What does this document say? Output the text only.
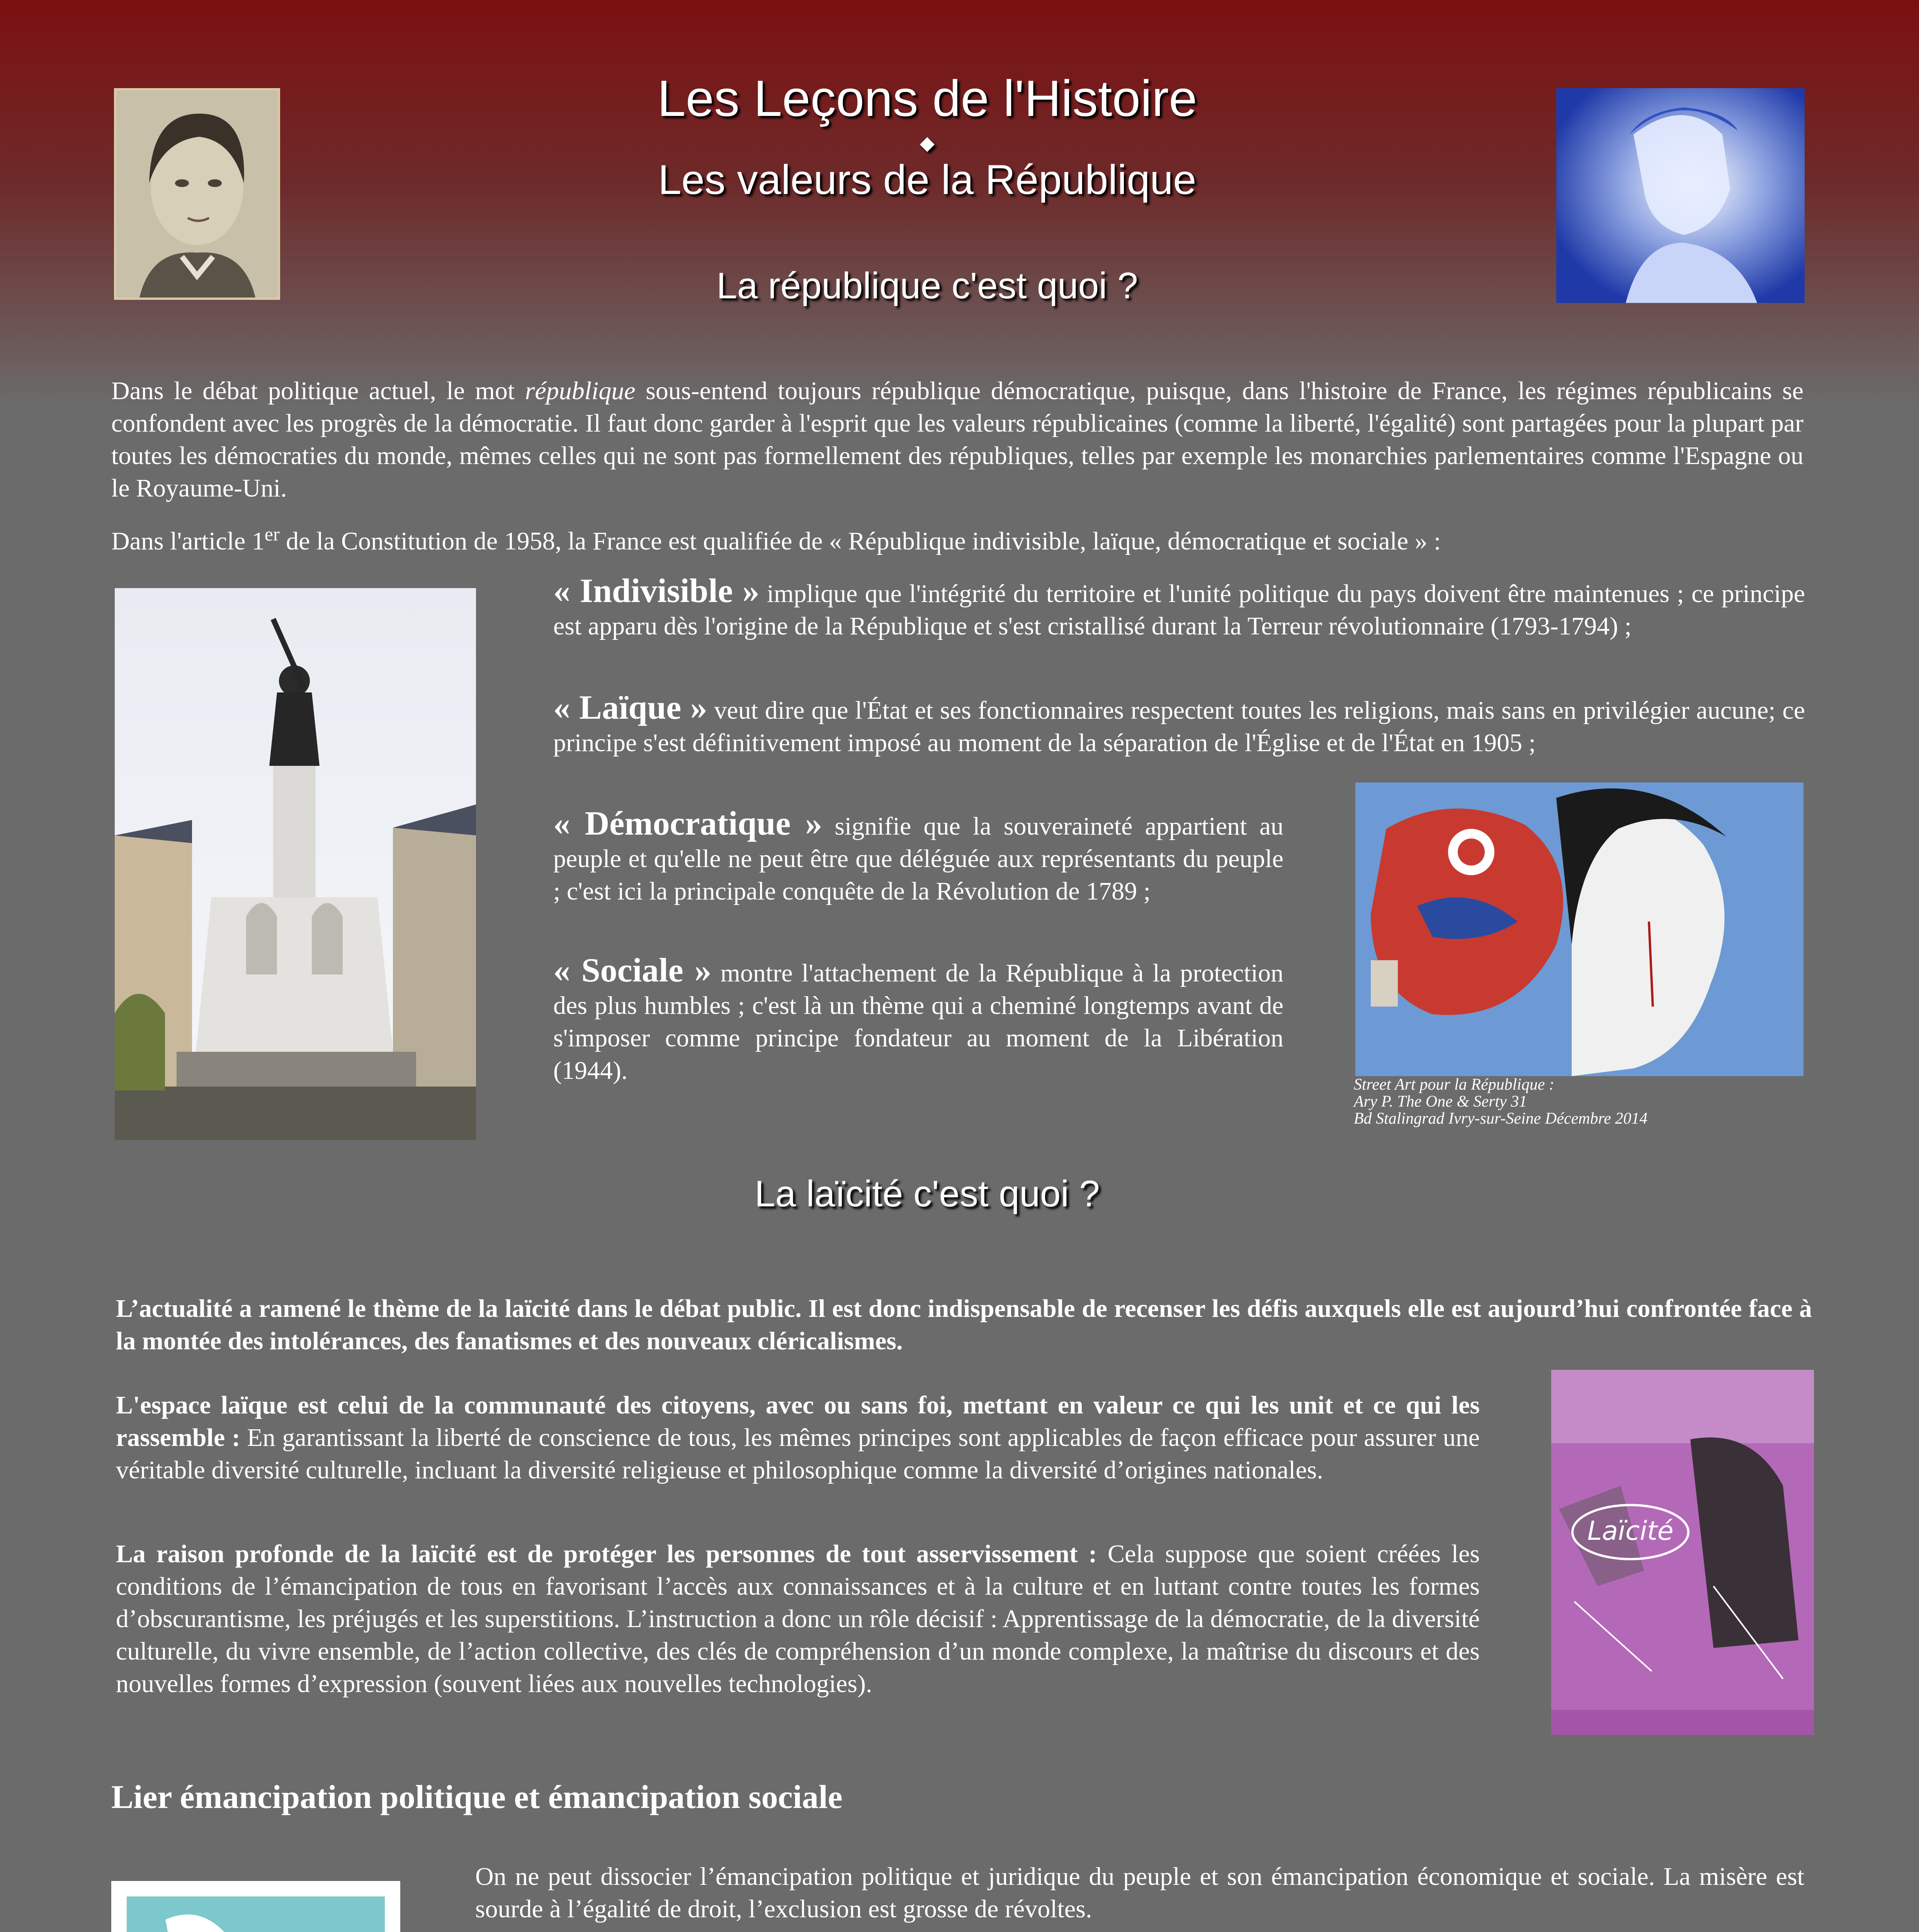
Les Leçons de l'Histoire
◆
Les valeurs de la République
La république c'est quoi ?
Dans le débat politique actuel, le mot république sous-entend toujours république démocratique, puisque, dans l'histoire de France, les régimes républicains se confondent avec les progrès de la démocratie. Il faut donc garder à l'esprit que les valeurs républicaines (comme la liberté, l'égalité) sont partagées pour la plupart par toutes les démocraties du monde, mêmes celles qui ne sont pas formellement des républiques, telles par exemple les monarchies parlementaires comme l'Espagne ou le Royaume-Uni.
Dans l'article 1er de la Constitution de 1958, la France est qualifiée de « République indivisible, laïque, démocratique et sociale » :
« Indivisible » implique que l'intégrité du territoire et l'unité politique du pays doivent être maintenues ; ce principe est apparu dès l'origine de la République et s'est cristallisé durant la Terreur révolutionnaire (1793-1794) ;
« Laïque » veut dire que l'État et ses fonctionnaires respectent toutes les religions, mais sans en privilégier aucune; ce principe s'est définitivement imposé au moment de la séparation de l'Église et de l'État en 1905 ;
« Démocratique » signifie que la souveraineté appartient au peuple et qu'elle ne peut être que déléguée aux représentants du peuple ; c'est ici la principale conquête de la Révolution de 1789 ;
« Sociale » montre l'attachement de la République à la protection des plus humbles ; c'est là un thème qui a cheminé longtemps avant de s'imposer comme principe fondateur au moment de la Libération (1944).	Street Art pour la République :
Ary P. The One & Serty 31
Bd Stalingrad Ivry-sur-Seine Décembre 2014
La laïcité c'est quoi ?
L’actualité a ramené le thème de la laïcité dans le débat public. Il est donc indispensable de recenser les défis auxquels elle est aujourd’hui confrontée face à la montée des intolérances, des fanatismes et des nouveaux cléricalismes.
L'espace laïque est celui de la communauté des citoyens, avec ou sans foi, mettant en valeur ce qui les unit et ce qui les rassemble : En garantissant la liberté de conscience de tous, les mêmes principes sont applicables de façon efficace pour assurer une véritable diversité culturelle, incluant la diversité religieuse et philosophique comme la diversité d’origines nationales.
La raison profonde de la laïcité est de protéger les personnes de tout asservissement : Cela suppose que soient créées les conditions de l’émancipation de tous en favorisant l’accès aux connaissances et à la culture et en luttant contre toutes les formes d’obscurantisme, les préjugés et les superstitions. L’instruction a donc un rôle décisif : Apprentissage de la démocratie, de la diversité culturelle, du vivre ensemble, de l’action collective, des clés de compréhension d’un monde complexe, la maîtrise du discours et des nouvelles formes d’expression (souvent liées aux nouvelles technologies).
Laïcité
Lier émancipation politique et émancipation sociale

On ne peut dissocier l’émancipation politique et juridique du peuple et son émancipation économique et sociale. La misère est sourde à l’égalité de droit, l’exclusion est grosse de révoltes.
